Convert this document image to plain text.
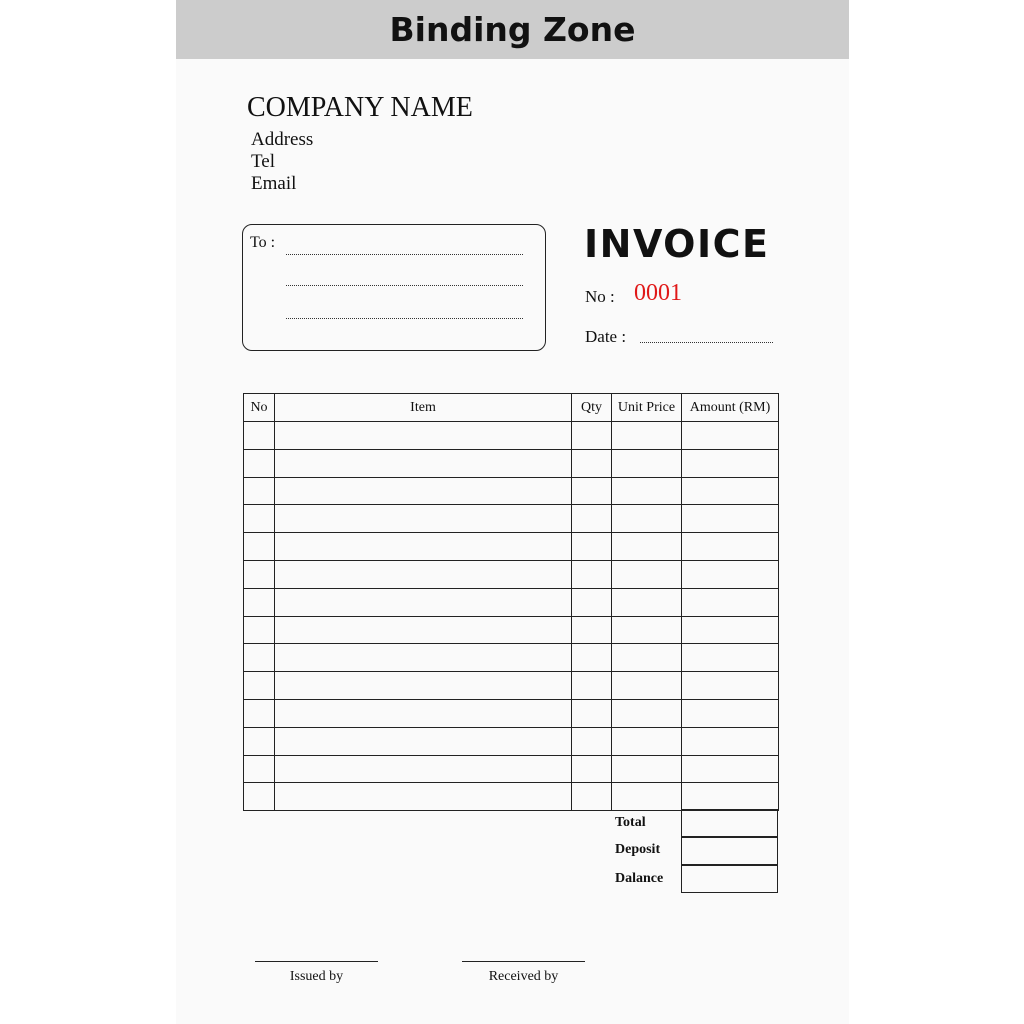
Binding Zone
COMPANY NAME
Address
Tel
Email
To :	INVOICE
No : 0001
Date :
No	Item	Qty	Unit Price	Amount (RM)

Total
Deposit
Dalance
Issued by	Received by
